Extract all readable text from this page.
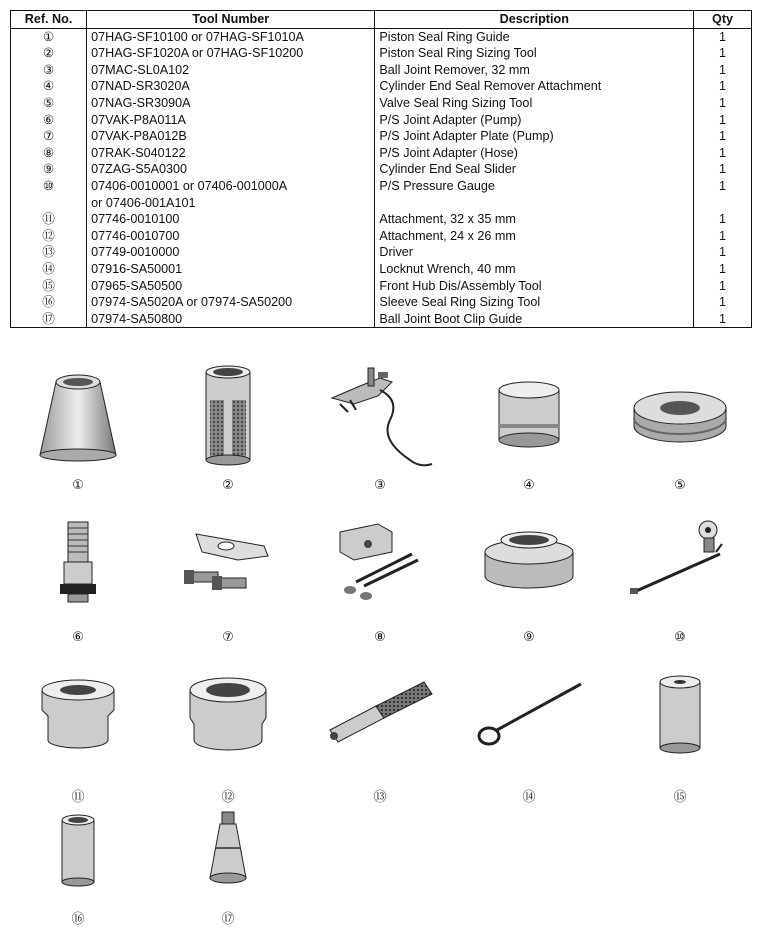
Ref. No.	Tool Number	Description	Qty
①	07HAG-SF10100 or 07HAG-SF1010A	Piston Seal Ring Guide	1
②	07HAG-SF1020A or 07HAG-SF10200	Piston Seal Ring Sizing Tool	1
③	07MAC-SL0A102	Ball Joint Remover, 32 mm	1
④	07NAD-SR3020A	Cylinder End Seal Remover Attachment	1
⑤	07NAG-SR3090A	Valve Seal Ring Sizing Tool	1
⑥	07VAK-P8A011A	P/S Joint Adapter (Pump)	1
⑦	07VAK-P8A012B	P/S Joint Adapter Plate (Pump)	1
⑧	07RAK-S040122	P/S Joint Adapter (Hose)	1
⑨	07ZAG-S5A0300	Cylinder End Seal Slider	1
⑩	07406-0010001 or 07406-001000A	P/S Pressure Gauge	1
	or 07406-001A101		
⑪	07746-0010100	Attachment, 32 x 35 mm	1
⑫	07746-0010700	Attachment, 24 x 26 mm	1
⑬	07749-0010000	Driver	1
⑭	07916-SA50001	Locknut Wrench, 40 mm	1
⑮	07965-SA50500	Front Hub Dis/Assembly Tool	1
⑯	07974-SA5020A or 07974-SA50200	Sleeve Seal Ring Sizing Tool	1
⑰	07974-SA50800	Ball Joint Boot Clip Guide	1
①	②	③	④	⑤
⑥	⑦	⑧	⑨	⑩
⑪	⑫	⑬	⑭	⑮
⑯	⑰
